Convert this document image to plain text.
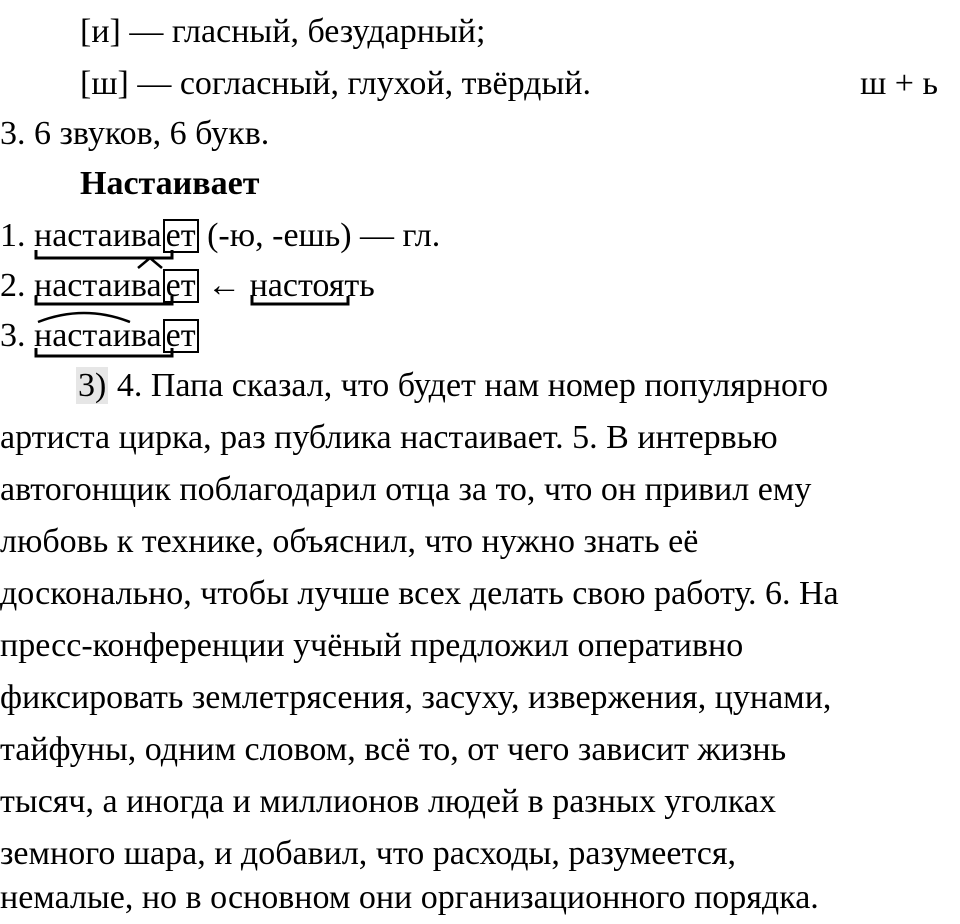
[и] — гласный, безударный;
[ш] — согласный, глухой, твёрдый.	ш + ь
3. 6 звуков, 6 букв.
Настаивает
1. настаива ет (-ю, -ешь) — гл.
2. настаива ет ← настоя
ть
3. настаива ет
3) 4. Папа сказал, что будет нам номер популярного
артиста цирка, раз публика настаивает. 5. В интервью
автогонщик поблагодарил отца за то, что он привил ему
любовь к технике, объяснил, что нужно знать её
досконально, чтобы лучше всех делать свою работу. 6. На
пресс-конференции учёный предложил оперативно
фиксировать землетрясения, засуху, извержения, цунами,
тайфуны, одним словом, всё то, от чего зависит жизнь
тысяч, а иногда и миллионов людей в разных уголках
земного шара, и добавил, что расходы, разумеется,
немалые, но в основном они организационного порядка.
